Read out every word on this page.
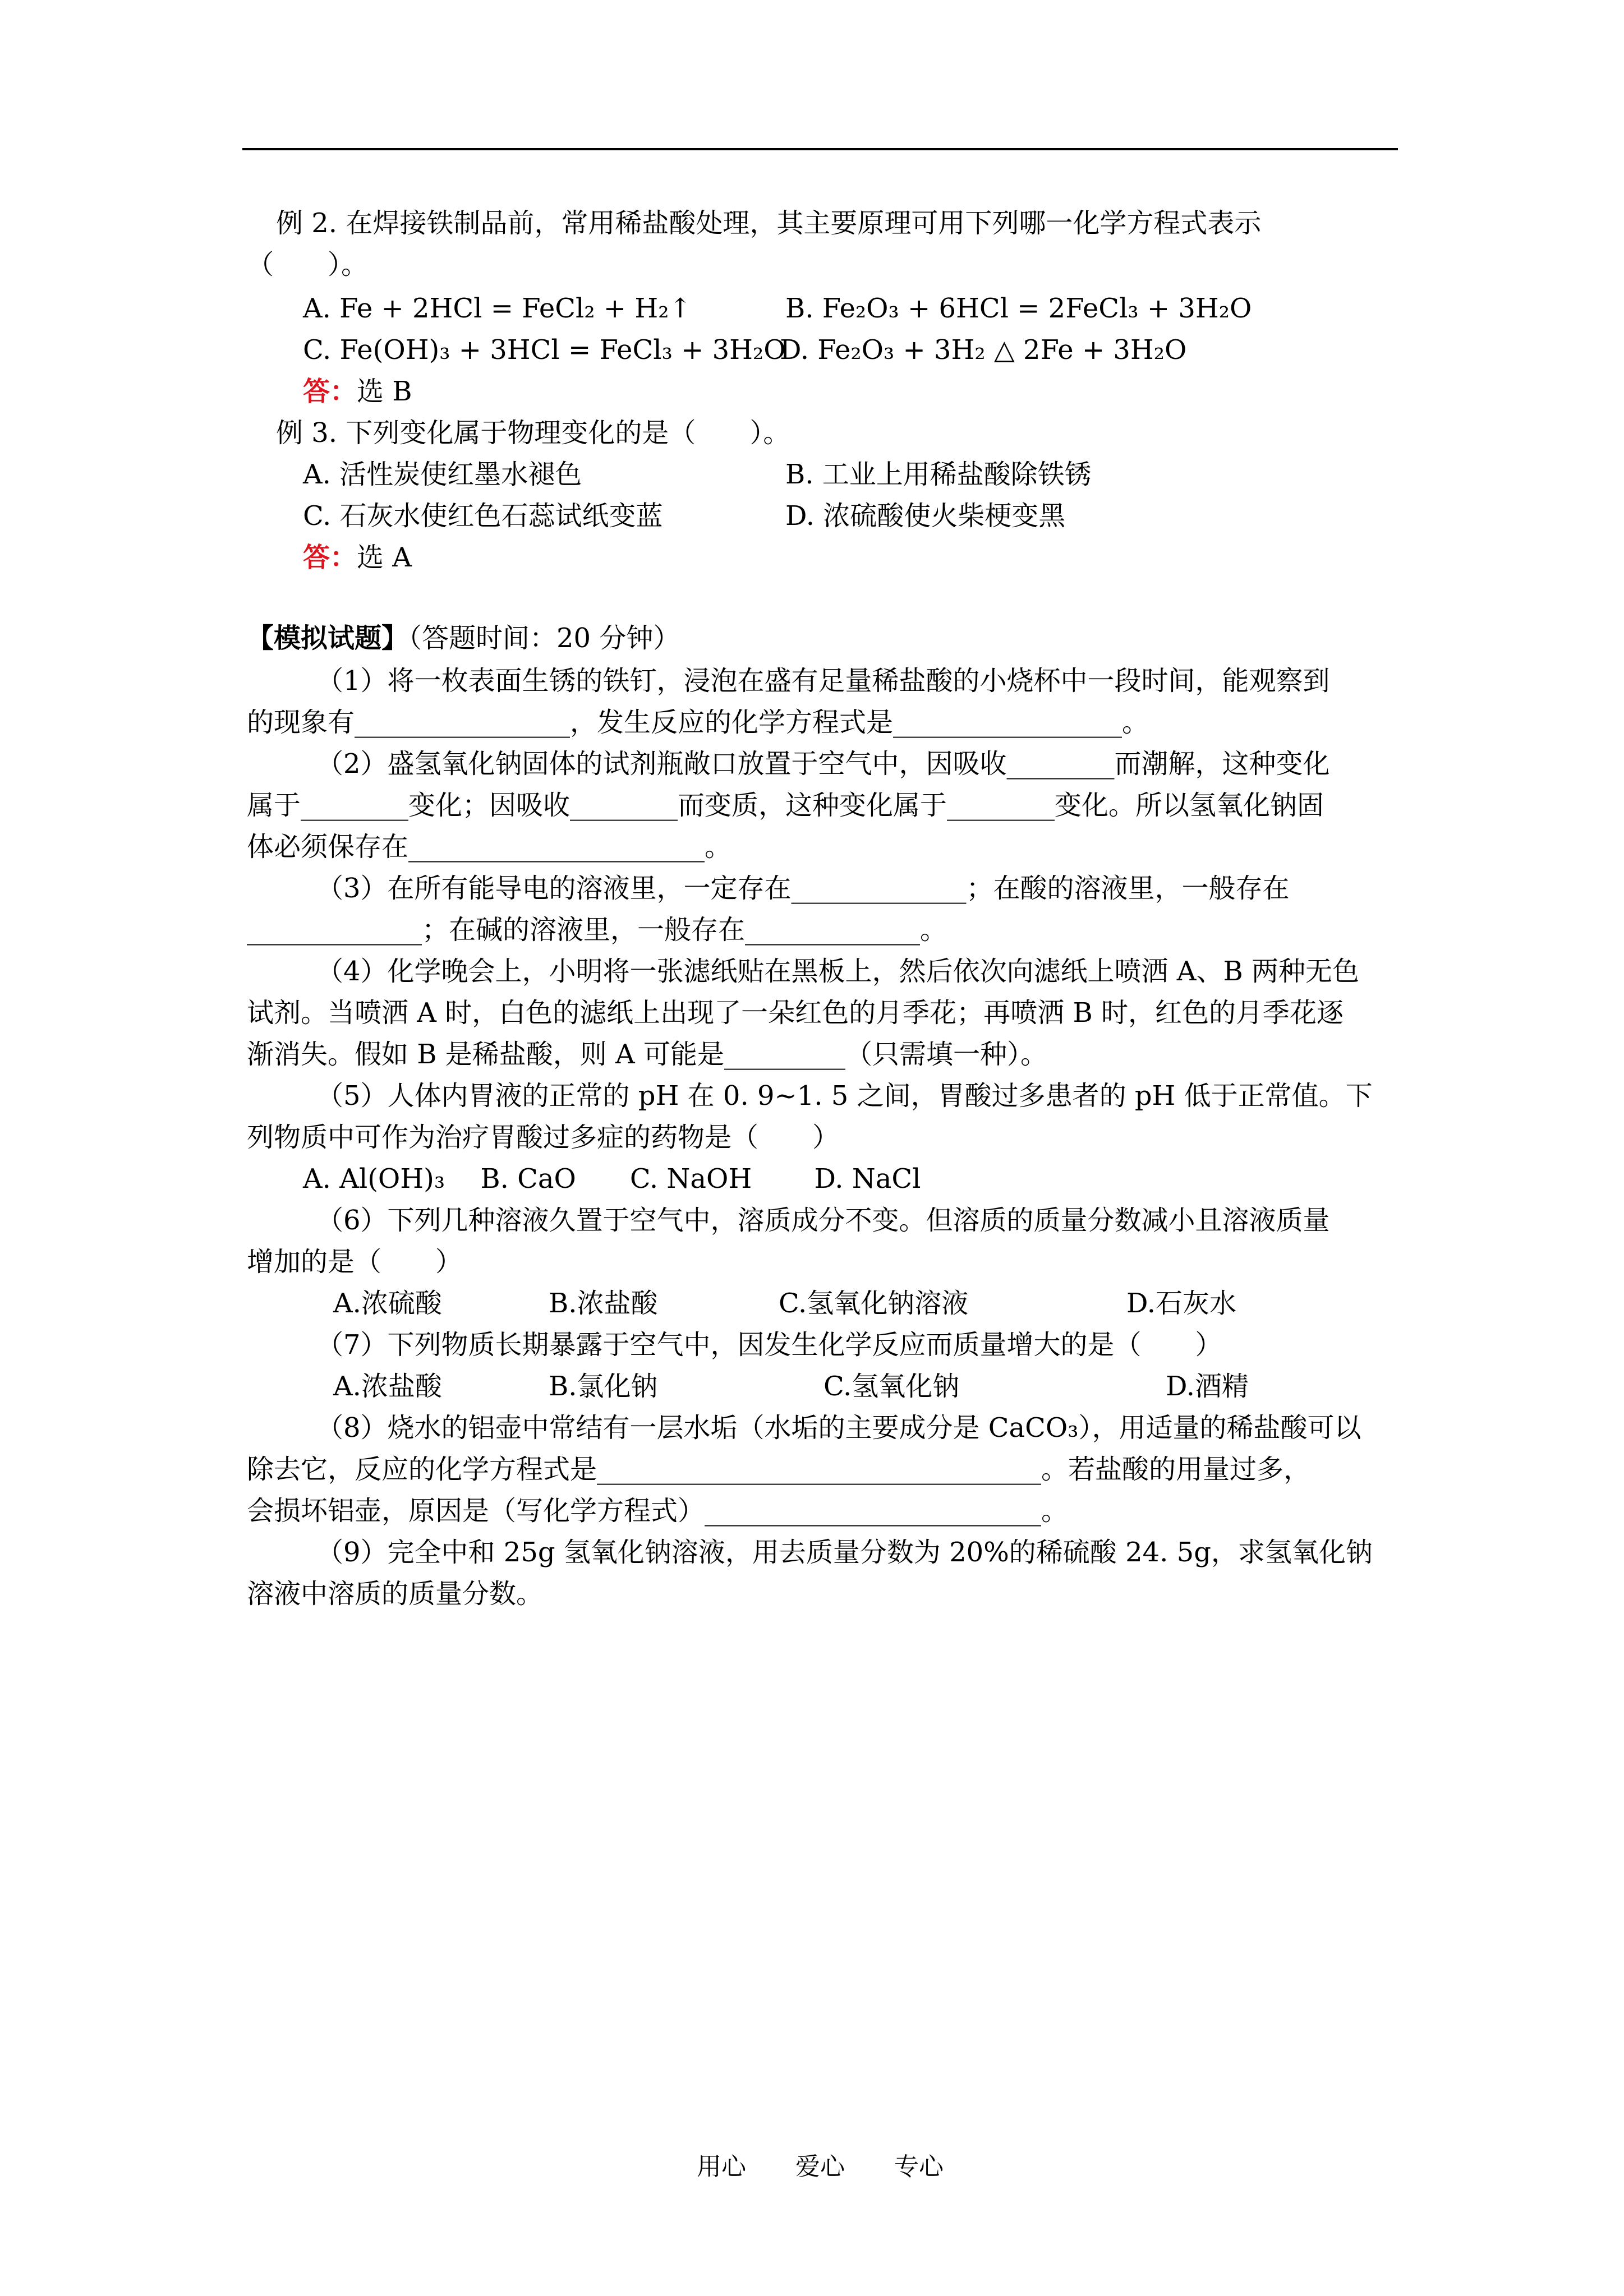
例 2. 在焊接铁制品前，常用稀盐酸处理，其主要原理可用下列哪一化学方程式表示
（　　）。
A. Fe + 2HCl = FeCl₂ + H₂↑	B. Fe₂O₃ + 6HCl = 2FeCl₃ + 3H₂O
C. Fe(OH)₃ + 3HCl = FeCl₃ + 3H₂O
D. Fe₂O₃ + 3H₂ △ 2Fe + 3H₂O
答：选 B
例 3. 下列变化属于物理变化的是（　　）。
A. 活性炭使红墨水褪色	B. 工业上用稀盐酸除铁锈
C. 石灰水使红色石蕊试纸变蓝	D. 浓硫酸使火柴梗变黑
答：选 A
【模拟试题】（答题时间：20 分钟）
（1）将一枚表面生锈的铁钉，浸泡在盛有足量稀盐酸的小烧杯中一段时间，能观察到
的现象有________________，发生反应的化学方程式是_________________。
（2）盛氢氧化钠固体的试剂瓶敞口放置于空气中，因吸收________而潮解，这种变化
属于________变化；因吸收________而变质，这种变化属于________变化。所以氢氧化钠固
体必须保存在______________________。
（3）在所有能导电的溶液里，一定存在_____________；在酸的溶液里，一般存在
_____________；在碱的溶液里，一般存在_____________。
（4）化学晚会上，小明将一张滤纸贴在黑板上，然后依次向滤纸上喷洒 A、B 两种无色
试剂。当喷洒 A 时，白色的滤纸上出现了一朵红色的月季花；再喷洒 B 时，红色的月季花逐
渐消失。假如 B 是稀盐酸，则 A 可能是_________（只需填一种）。
（5）人体内胃液的正常的 pH 在 0. 9~1. 5 之间，胃酸过多患者的 pH 低于正常值。下
列物质中可作为治疗胃酸过多症的药物是（　　）
A. Al(OH)₃　 B. CaO　　C. NaOH　　 D. NaCl
（6）下列几种溶液久置于空气中，溶质成分不变。但溶质的质量分数减小且溶液质量
增加的是（　　）
A.浓硫酸	B.浓盐酸	C.氢氧化钠溶液	D.石灰水
（7）下列物质长期暴露于空气中，因发生化学反应而质量增大的是（　　）
A.浓盐酸	B.氯化钠	C.氢氧化钠	D.酒精
（8）烧水的铝壶中常结有一层水垢（水垢的主要成分是 CaCO₃），用适量的稀盐酸可以
除去它，反应的化学方程式是_________________________________。若盐酸的用量过多，
会损坏铝壶，原因是（写化学方程式）_________________________。
（9）完全中和 25g 氢氧化钠溶液，用去质量分数为 20%的稀硫酸 24. 5g，求氢氧化钠
溶液中溶质的质量分数。
用心 爱心 专心
